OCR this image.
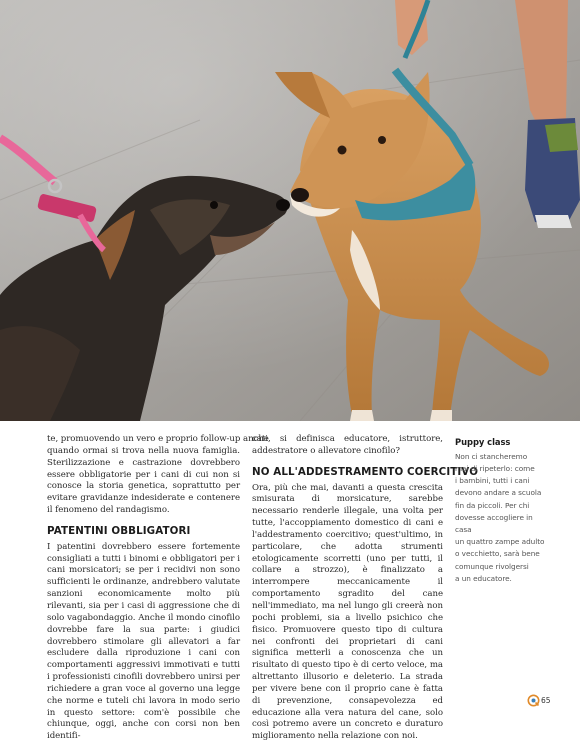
te, promuovendo un vero e proprio follow-up anche

quando ormai si trova nella nuova famiglia. Sterilizzazione e castrazione dovrebbero essere obbligatorie per i cani di cui non si conosce la storia genetica, soprattutto per evitare gravidanze indesiderate e contenere il fenomeno del randagismo.

PATENTINI OBBLIGATORI

I patentini dovrebbero essere fortemente consigliati a tutti i binomi e obbligatori per i cani morsicatori; se per i recidivi non sono sufficienti le ordinanze, andrebbero valutate sanzioni economicamente molto più rilevanti, sia per i casi di aggressione che di solo vagabondaggio. Anche il mondo cinofilo dovrebbe fare la sua parte: i giudici dovrebbero stimolare gli allevatori a far escludere dalla riproduzione i cani con comportamenti aggressivi immotivati e tutti i professionisti cinofili dovrebbero unirsi per richiedere a gran voce al governo una legge che norme e tuteli chi lavora in modo serio in questo settore: com'è possibile che chiunque, oggi, anche con corsi non ben identifi-

cati, si definisca educatore, istruttore, addestratore o allevatore cinofilo?

NO ALL'ADDESTRAMENTO COERCITIVO

Ora, più che mai, davanti a questa crescita smisurata di morsicature, sarebbe necessario renderle illegale, una volta per tutte, l'accoppiamento domestico di cani e l'addestramento coercitivo; quest'ultimo, in particolare, che adotta strumenti etologicamente scorretti (uno per tutti, il collare a strozzo), è finalizzato a interrompere meccanicamente il comportamento sgradito del cane nell'immediato, ma nel lungo gli creerà non pochi problemi, sia a livello psichico che fisico. Promuovere questo tipo di cultura nei confronti dei proprietari di cani significa metterli a conoscenza che un risultato di questo tipo è di certo veloce, ma altrettanto illusorio e deleterio. La strada per vivere bene con il proprio cane è fatta di prevenzione, consapevolezza ed educazione alla vera natura del cane, solo così potremo avere un concreto e duraturo miglioramento nella relazione con noi.

Puppy class
Non ci stancheremo
mai di ripeterlo: come
i bambini, tutti i cani
devono andare a scuola
fin da piccoli. Per chi
dovesse accogliere in casa
un quattro zampe adulto
o vecchietto, sarà bene
comunque rivolgersi
a un educatore.
65
